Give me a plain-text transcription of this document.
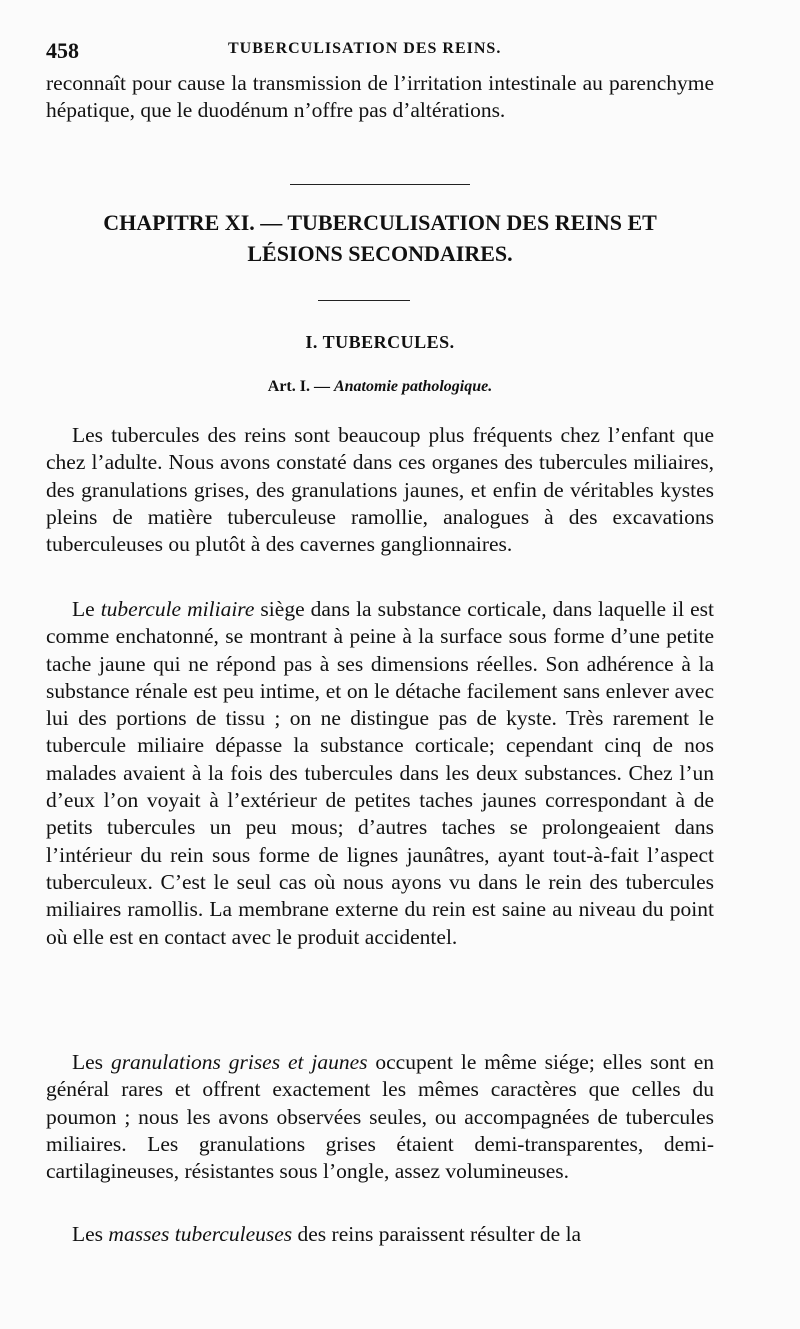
458	TUBERCULISATION DES REINS.

reconnaît pour cause la transmission de l’irritation intestinale au parenchyme hépatique, que le duodénum n’offre pas d’altérations.

CHAPITRE XI. — TUBERCULISATION DES REINS ET
LÉSIONS SECONDAIRES.
I. TUBERCULES.
Art. I. — Anatomie pathologique.

Les tubercules des reins sont beaucoup plus fréquents chez l’enfant que chez l’adulte. Nous avons constaté dans ces organes des tubercules miliaires, des granulations grises, des granulations jaunes, et enfin de véritables kystes pleins de matière tuberculeuse ramollie, analogues à des excavations tuberculeuses ou plutôt à des cavernes ganglionnaires.

Le tubercule miliaire siège dans la substance corticale, dans laquelle il est comme enchatonné, se montrant à peine à la surface sous forme d’une petite tache jaune qui ne répond pas à ses dimensions réelles. Son adhérence à la substance rénale est peu intime, et on le détache facilement sans enlever avec lui des portions de tissu ; on ne distingue pas de kyste. Très rarement le tubercule miliaire dépasse la substance corticale; cependant cinq de nos malades avaient à la fois des tubercules dans les deux substances. Chez l’un d’eux l’on voyait à l’extérieur de petites taches jaunes correspondant à de petits tubercules un peu mous; d’autres taches se prolongeaient dans l’intérieur du rein sous forme de lignes jaunâtres, ayant tout-à-fait l’aspect tuberculeux. C’est le seul cas où nous ayons vu dans le rein des tubercules miliaires ramollis. La membrane externe du rein est saine au niveau du point où elle est en contact avec le produit accidentel.

Les granulations grises et jaunes occupent le même siége; elles sont en général rares et offrent exactement les mêmes caractères que celles du poumon ; nous les avons observées seules, ou accompagnées de tubercules miliaires. Les granulations grises étaient demi-transparentes, demi-cartilagineuses, résistantes sous l’ongle, assez volumineuses.

Les masses tuberculeuses des reins paraissent résulter de la
